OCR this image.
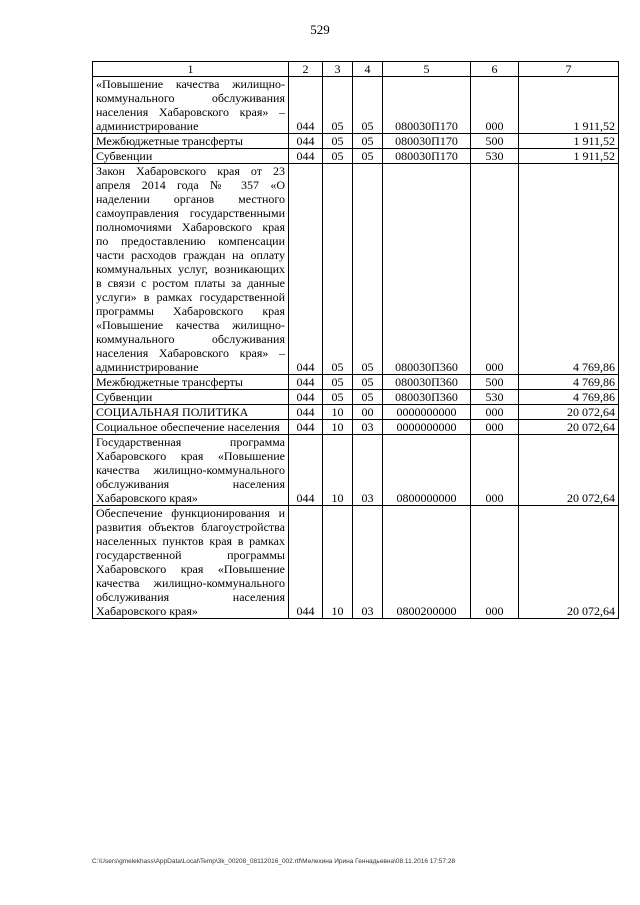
529
1	2	3	4	5	6	7
«Повышение качества жилищно-коммунального обслуживания населения Хабаровского края» – администрирование	044	05	05	080030П170	000	1 911,52
Межбюджетные трансферты	044	05	05	080030П170	500	1 911,52
Субвенции	044	05	05	080030П170	530	1 911,52
Закон Хабаровского края от 23 апреля 2014 года № 357 «О наделении органов местного самоуправления государственными полномочиями Хабаровского края по предоставлению компенсации части расходов граждан на оплату коммунальных услуг, возникающих в связи с ростом платы за данные услуги» в рамках государственной программы Хабаровского края «Повышение качества жилищно-коммунального обслуживания населения Хабаровского края» – администрирование	044	05	05	080030П360	000	4 769,86
Межбюджетные трансферты	044	05	05	080030П360	500	4 769,86
Субвенции	044	05	05	080030П360	530	4 769,86
СОЦИАЛЬНАЯ ПОЛИТИКА	044	10	00	0000000000	000	20 072,64
Социальное обеспечение населения	044	10	03	0000000000	000	20 072,64
Государственная программа Хабаровского края «Повышение качества жилищно-коммунального обслуживания населения Хабаровского края»	044	10	03	0800000000	000	20 072,64
Обеспечение функционирования и развития объектов благоустройства населенных пунктов края в рамках государственной программы Хабаровского края «Повышение качества жилищно-коммунального обслуживания населения Хабаровского края»	044	10	03	0800200000	000	20 072,64
C:\Users\gmelekhass\AppData\Local\Temp\3k_00208_08112016_002.rtf\Мелехина Ирина Геннадьевна\08.11.2016 17:57:28
